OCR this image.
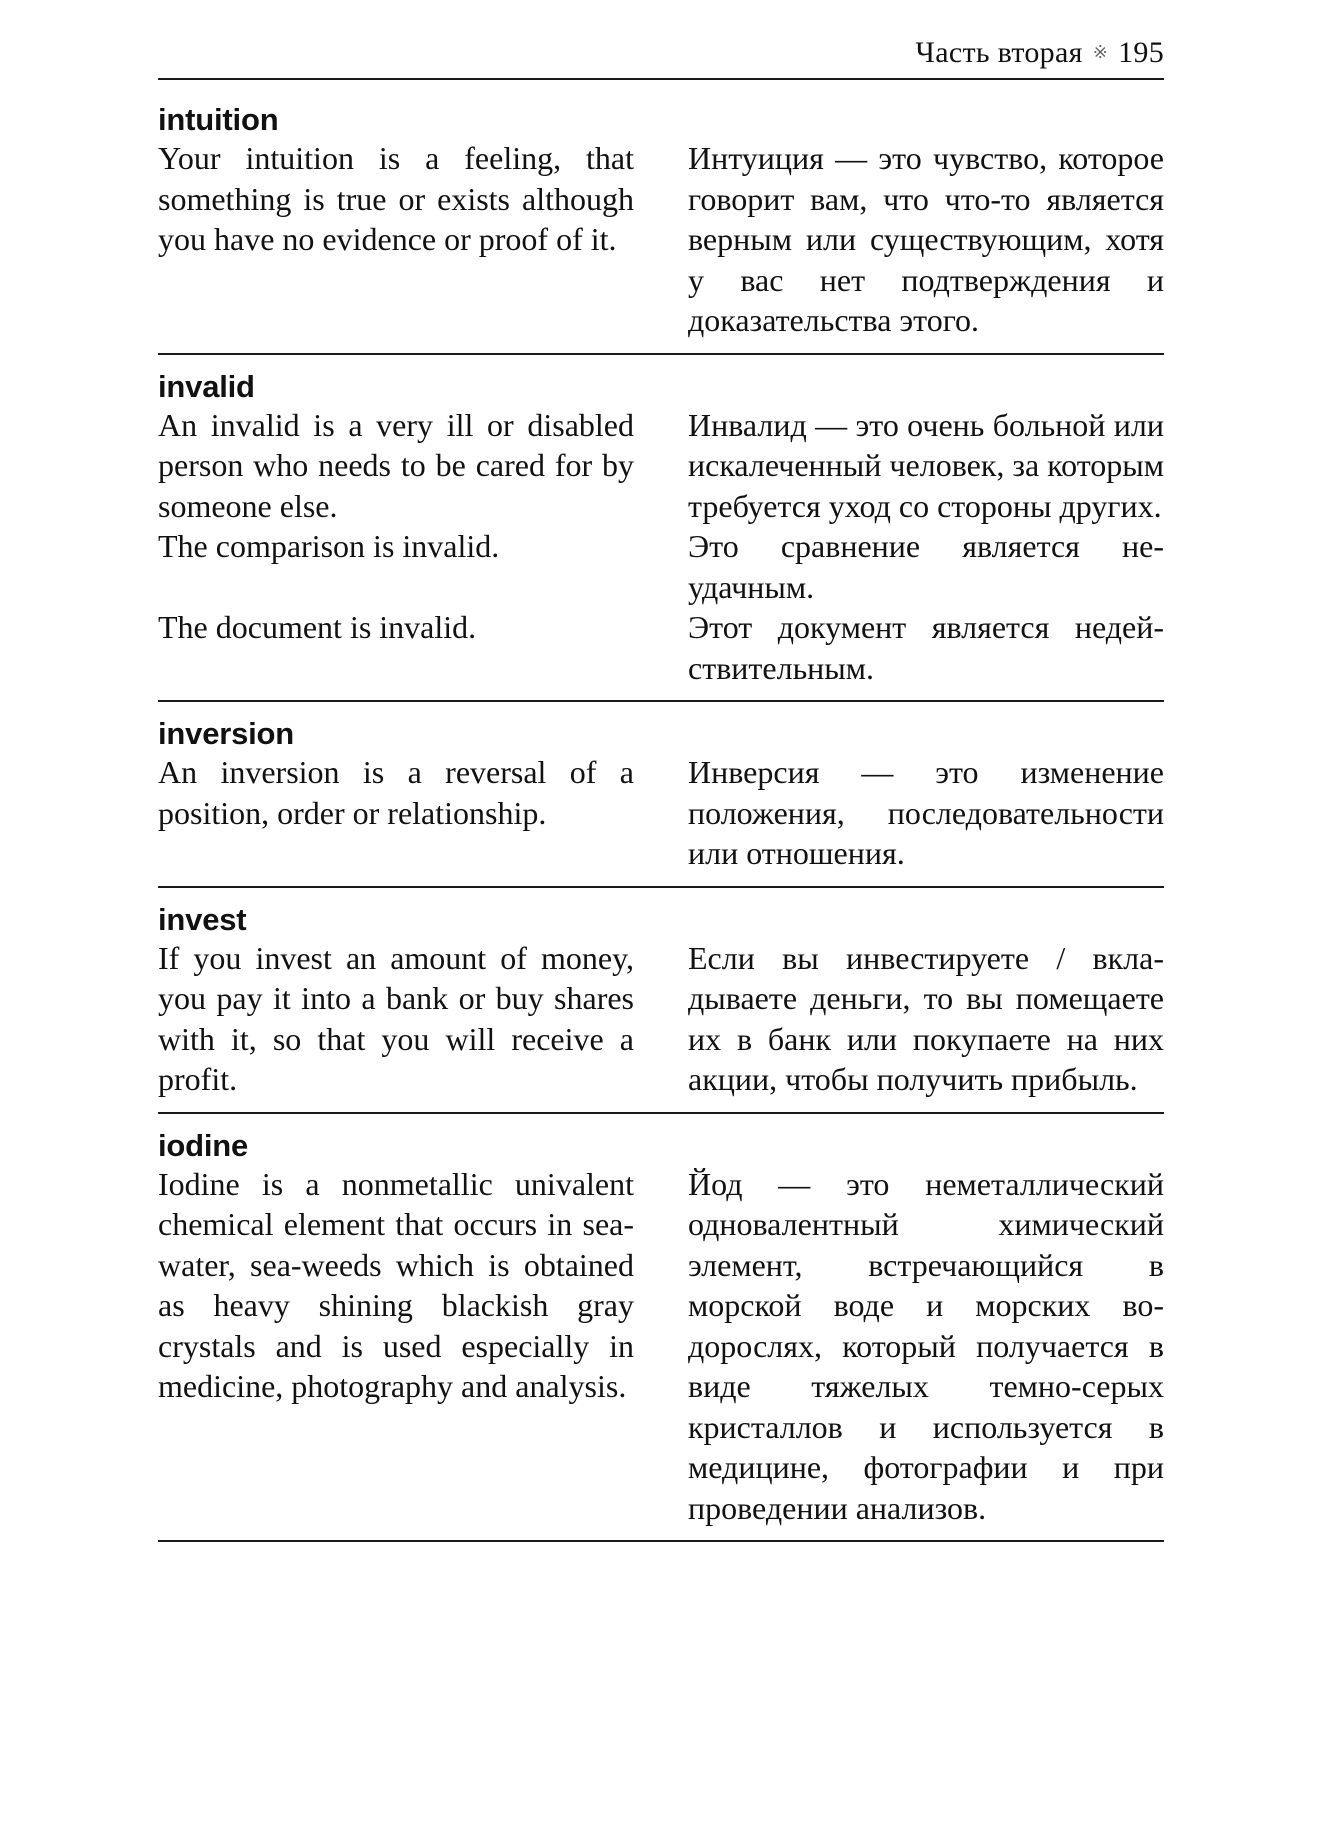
Часть вторая ※ 195
intuition
Your intuition is a feeling, that something is true or exists although you have no evidence or proof of it.
Интуиция — это чувство, которое говорит вам, что что-то является верным или существующим, хотя у вас нет подтверждения и доказательства этого.
invalid
An invalid is a very ill or disabled person who needs to be cared for by someone else.
Инвалид — это очень больной или искалеченный человек, за которым требуется уход со стороны других.
The comparison is invalid.	Это сравнение является неудачным.
The document is invalid.	Этот документ является недействительным.
inversion
An inversion is a reversal of a position, order or relationship.
Инверсия — это изменение положения, последовательности или отношения.
invest
If you invest an amount of money, you pay it into a bank or buy shares with it, so that you will receive a profit.
Если вы инвестируете / вкладываете деньги, то вы помещаете их в банк или покупаете на них акции, чтобы получить прибыль.
iodine
Iodine is a nonmetallic univalent chemical element that occurs in sea-water, sea-weeds which is obtained as heavy shining blackish gray crystals and is used especially in medicine, photography and analysis.
Йод — это неметаллический одновалентный химический элемент, встречающийся в морской воде и морских водорослях, который получается в виде тяжелых темно-серых кристаллов и используется в медицине, фотографии и при проведении анализов.
